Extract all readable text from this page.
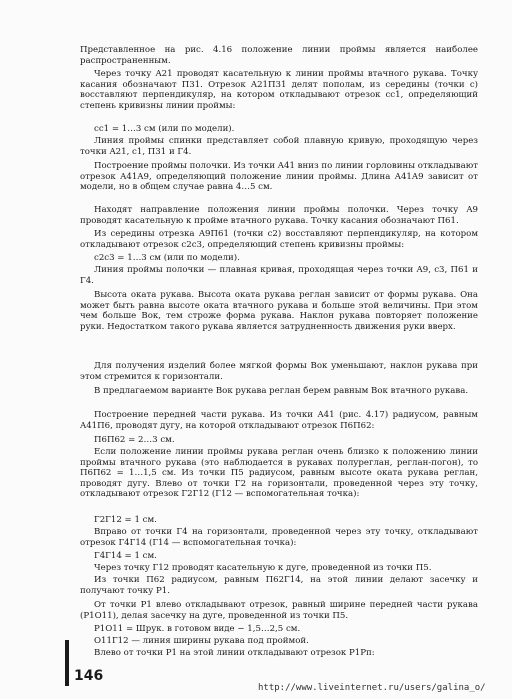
Представленное на рис. 4.16 положение линии проймы является наиболее распространенным.

Через точку A21 проводят касательную к линии проймы втачного рукава. Точку касания обозначают П31. Отрезок A21П31 делят пополам, из середины (точки с) восставляют перпендикуляр, на котором откладывают отрезок cc1, определяющий степень кривизны линии проймы:

cc1 = 1…3 см (или по модели).

Линия проймы спинки представляет собой плавную кривую, проходящую через точки A21, c1, П31 и Г4.

Построение проймы полочки. Из точки A41 вниз по линии горловины откладывают отрезок A41A9, определяющий положение линии проймы. Длина A41A9 зависит от модели, но в общем случае равна 4…5 см.

Находят направление положения линии проймы полочки. Через точку A9 проводят касательную к пройме втачного рукава. Точку касания обозначают П61.

Из середины отрезка A9П61 (точки c2) восставляют перпендикуляр, на котором откладывают отрезок c2c3, определяющий степень кривизны проймы:

c2c3 = 1…3 см (или по модели).

Линия проймы полочки — плавная кривая, проходящая через точки A9, c3, П61 и Г4.

Высота оката рукава. Высота оката рукава реглан зависит от формы рукава. Она может быть равна высоте оката втачного рукава и больше этой величины. При этом чем больше Bок, тем строже форма рукава. Наклон рукава повторяет положение руки. Недостатком такого рукава является затрудненность движения руки вверх.

Для получения изделий более мягкой формы Bок уменьшают, наклон рукава при этом стремится к горизонтали.

В предлагаемом варианте Bок рукава реглан берем равным Bок втачного рукава.

Построение передней части рукава. Из точки A41 (рис. 4.17) радиусом, равным A41П6, проводят дугу, на которой откладывают отрезок П6П62:

П6П62 = 2…3 см.

Если положение линии проймы рукава реглан очень близко к положению линии проймы втачного рукава (это наблюдается в рукавах полуреглан, реглан-погон), то П6П62 = 1…1,5 см. Из точки П5 радиусом, равным высоте оката рукава реглан, проводят дугу. Влево от точки Г2 на горизонтали, проведенной через эту точку, откладывают отрезок Г2Г12 (Г12 — вспомогательная точка):

Г2Г12 = 1 см.

Вправо от точки Г4 на горизонтали, проведенной через эту точку, откладывают отрезок Г4Г14 (Г14 — вспомогательная точка):

Г4Г14 = 1 см.

Через точку Г12 проводят касательную к дуге, проведенной из точки П5.

Из точки П62 радиусом, равным П62Г14, на этой линии делают засечку и получают точку P1.

От точки P1 влево откладывают отрезок, равный ширине передней части рукава (P1O11), делая засечку на дуге, проведенной из точки П5.

P1O11 = Шрук. в готовом виде − 1,5…2,5 см.

O11Г12 — линия ширины рукава под проймой.

Влево от точки P1 на этой линии откладывают отрезок P1Pп:

146
http://www.liveinternet.ru/users/galina_o/
